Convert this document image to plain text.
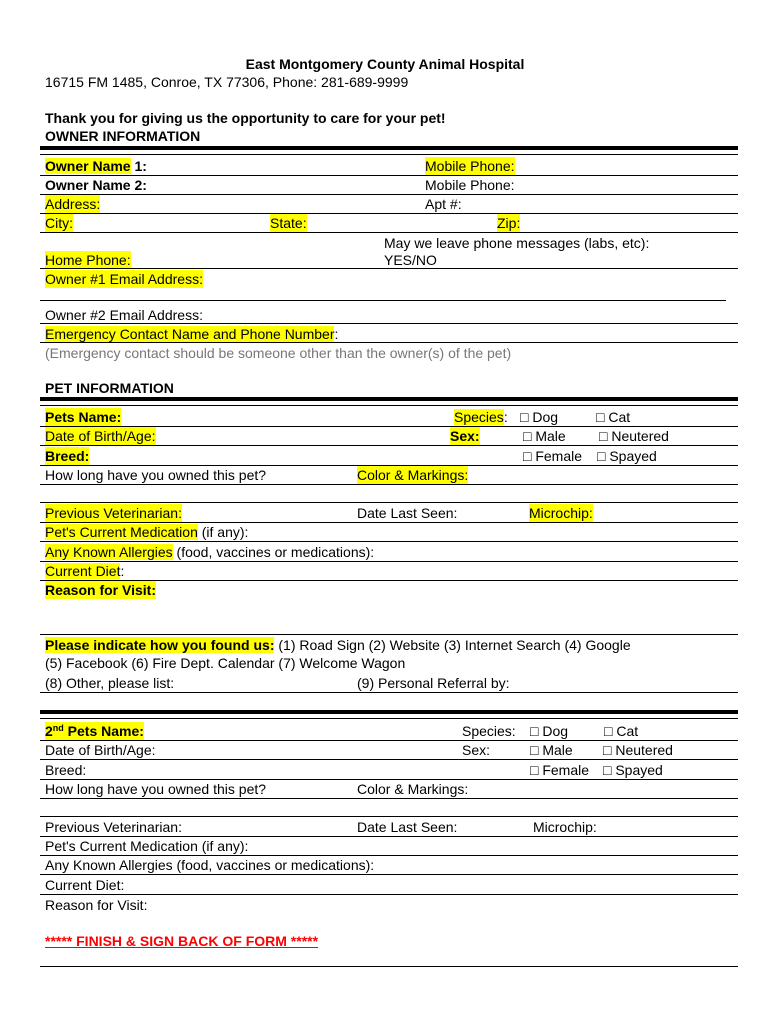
East Montgomery County Animal Hospital
16715 FM 1485, Conroe, TX 77306, Phone: 281-689-9999
Thank you for giving us the opportunity to care for your pet!
OWNER INFORMATION
Owner Name 1:	Mobile Phone:
Owner Name 2:	Mobile Phone:
Address:	Apt #:
City:	State:	Zip:
May we leave phone messages (labs, etc):
YES/NO
Home Phone:
Owner #1 Email Address:
Owner #2 Email Address:
Emergency Contact Name and Phone Number:
(Emergency contact should be someone other than the owner(s) of the pet)
PET INFORMATION
Pets Name:	Species: □ Dog	□ Cat
Date of Birth/Age:	Sex:	□ Male □ Neutered
Breed:	□ Female □ Spayed
How long have you owned this pet?	Color & Markings:
Previous Veterinarian:	Date Last Seen:	Microchip:
Pet's Current Medication (if any):
Any Known Allergies (food, vaccines or medications):
Current Diet:
Reason for Visit:
Please indicate how you found us: (1) Road Sign (2) Website (3) Internet Search (4) Google
(5) Facebook (6) Fire Dept. Calendar (7) Welcome Wagon
(8) Other, please list:	(9) Personal Referral by:
2nd Pets Name:	Species: □ Dog	□ Cat
Date of Birth/Age:	Sex:	□ Male □ Neutered
Breed:	□ Female □ Spayed
How long have you owned this pet?	Color & Markings:
Previous Veterinarian:	Date Last Seen:	Microchip:
Pet's Current Medication (if any):
Any Known Allergies (food, vaccines or medications):
Current Diet:
Reason for Visit:
***** FINISH & SIGN BACK OF FORM *****
